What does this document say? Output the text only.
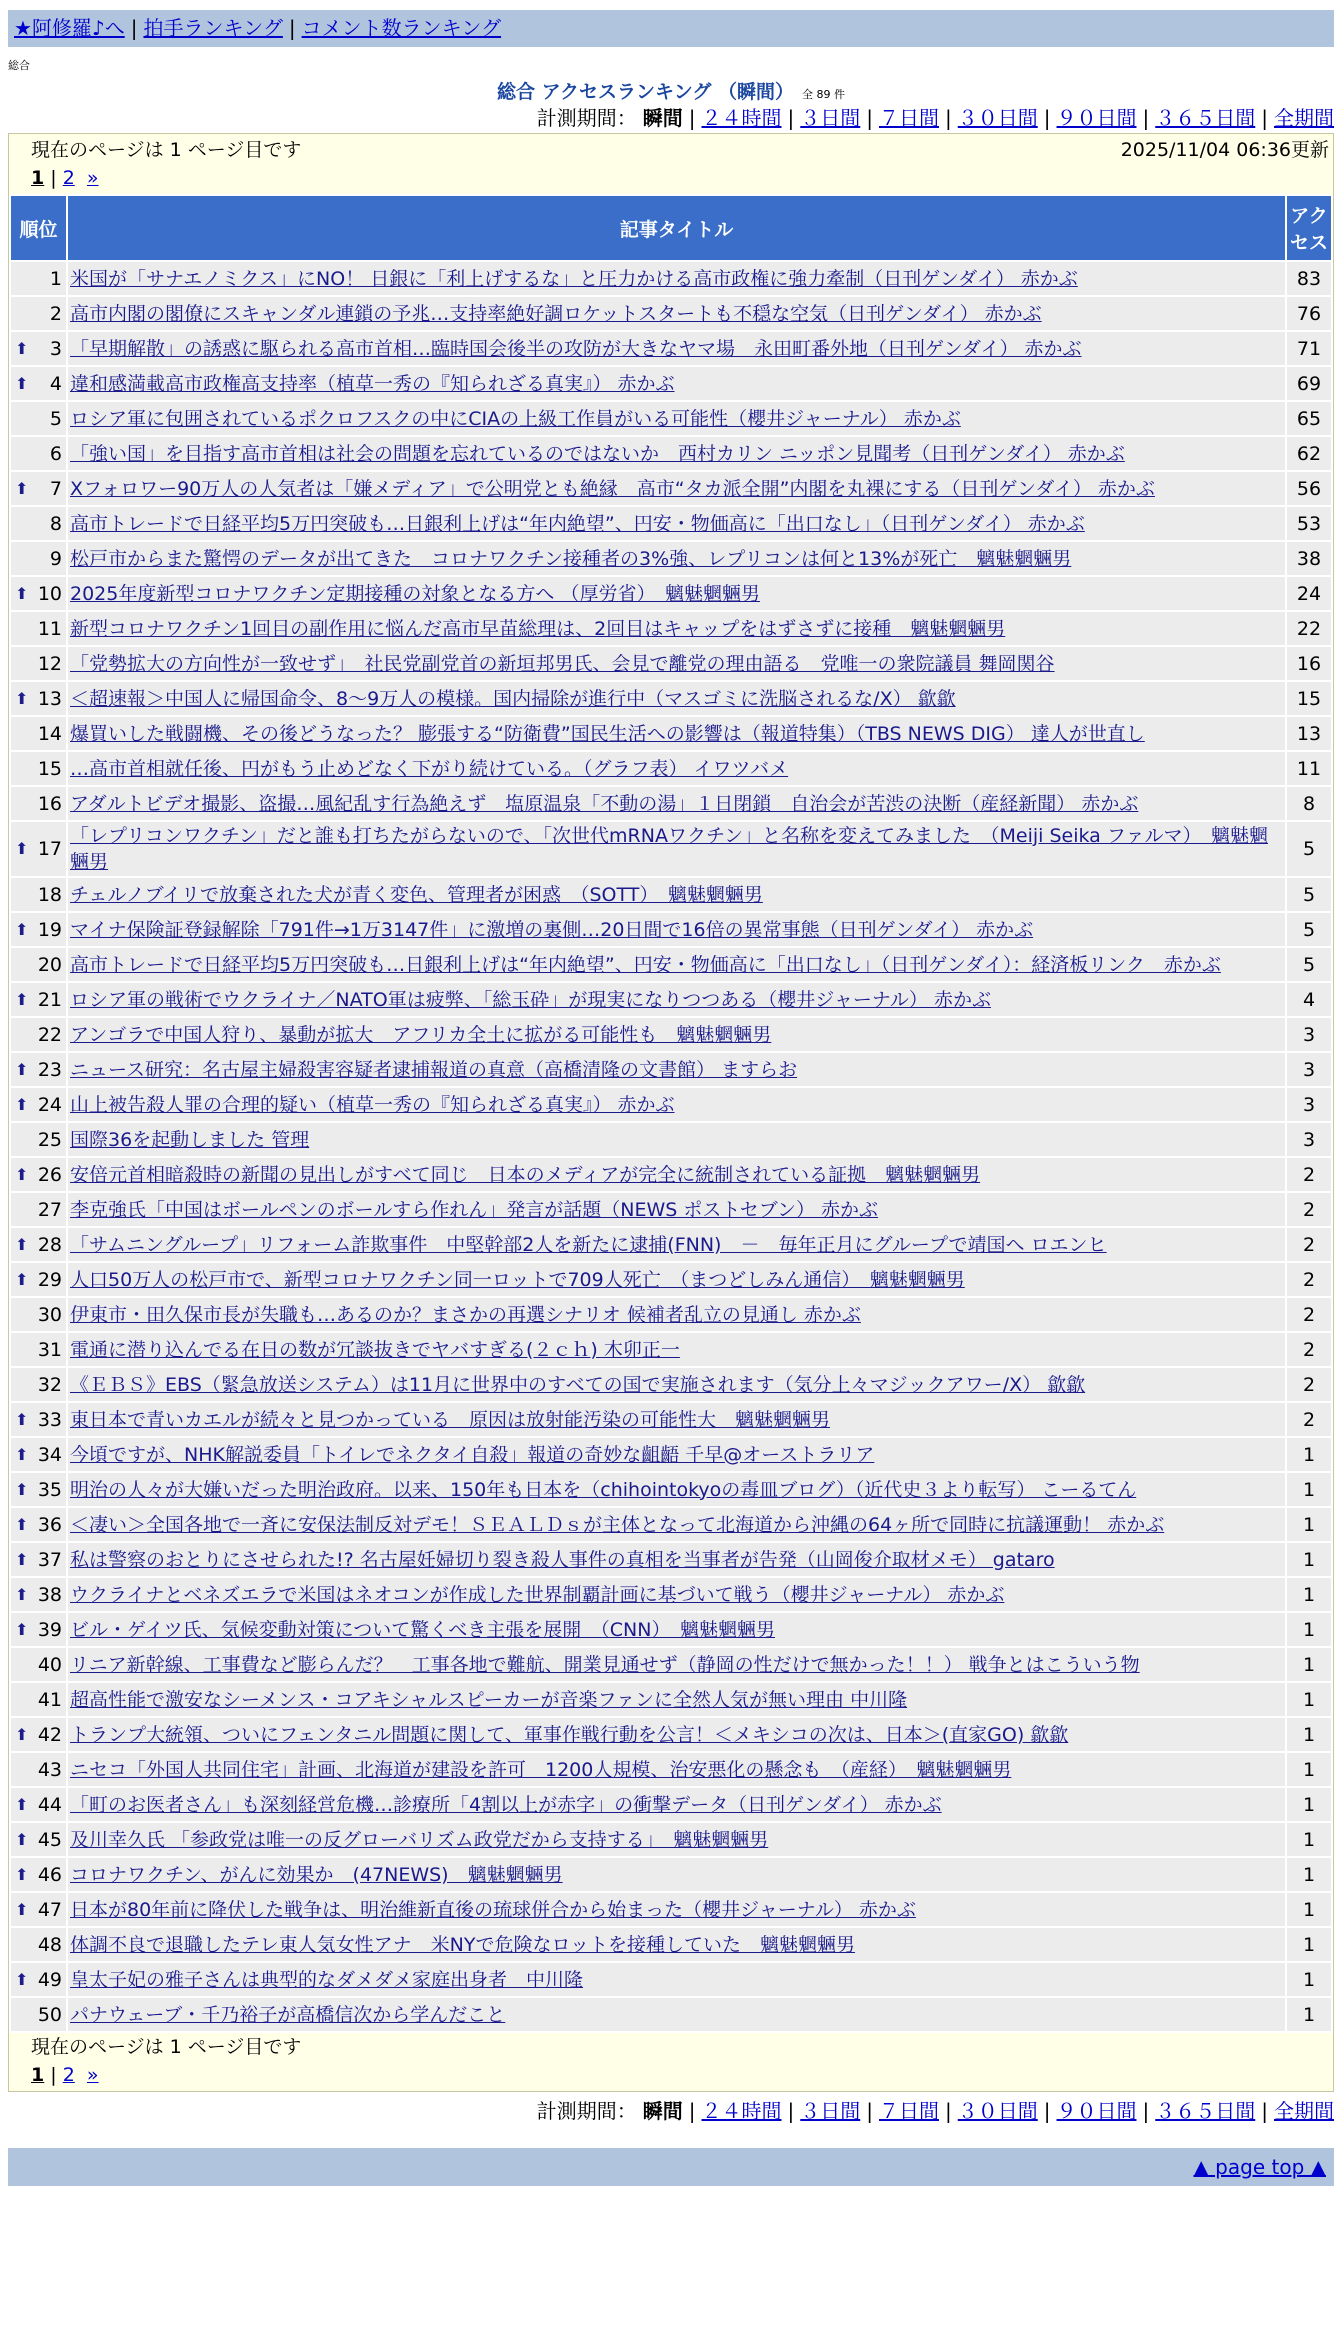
★阿修羅♪へ | 拍手ランキング | コメント数ランキング
総合
総合 アクセスランキング （瞬間） 全 89 件
計測期間： 瞬間 | ２４時間 | ３日間 | ７日間 | ３０日間 | ９０日間 | ３６５日間 | 全期間
現在のページは 1 ページ目です	2025/11/04 06:36更新
1 | 2 »
順位	記事タイトル	アクセス
1	米国が「サナエノミクス」にNO！ 日銀に「利上げするな」と圧力かける高市政権に強力牽制（日刊ゲンダイ） 赤かぶ	83
2	高市内閣の閣僚にスキャンダル連鎖の予兆…支持率絶好調ロケットスタートも不穏な空気（日刊ゲンダイ） 赤かぶ	76

⬆ 3	「早期解散」の誘惑に駆られる高市首相…臨時国会後半の攻防が大きなヤマ場　永田町番外地（日刊ゲンダイ） 赤かぶ	71

⬆ 4	違和感満載高市政権高支持率（植草一秀の『知られざる真実』） 赤かぶ	69
5	ロシア軍に包囲されているポクロフスクの中にCIAの上級工作員がいる可能性（櫻井ジャーナル） 赤かぶ	65
6	「強い国」を目指す高市首相は社会の問題を忘れているのではないか　西村カリン ニッポン見聞考（日刊ゲンダイ） 赤かぶ	62

⬆ 7	Xフォロワー90万人の人気者は「嫌メディア」で公明党とも絶縁　高市“タカ派全開”内閣を丸裸にする（日刊ゲンダイ） 赤かぶ	56
8	高市トレードで日経平均5万円突破も…日銀利上げは“年内絶望”、円安・物価高に「出口なし」（日刊ゲンダイ） 赤かぶ	53
9	松戸市からまた驚愕のデータが出てきた　コロナワクチン接種者の3%強、レプリコンは何と13%が死亡　魑魅魍魎男	38

⬆ 10	2025年度新型コロナワクチン定期接種の対象となる方へ （厚労省）　魑魅魍魎男	24
11	新型コロナワクチン1回目の副作用に悩んだ高市早苗総理は、2回目はキャップをはずさずに接種　魑魅魍魎男	22
12	「党勢拡大の方向性が一致せず」　社民党副党首の新垣邦男氏、会見で離党の理由語る　党唯一の衆院議員 舞岡関谷	16

⬆ 13	＜超速報＞中国人に帰国命令、8～9万人の模様。国内掃除が進行中（マスゴミに洗脳されるな/X） 歙歙	15
14	爆買いした戦闘機、その後どうなった？ 膨張する“防衛費”国民生活への影響は（報道特集）（TBS NEWS DIG） 達人が世直し	13
15	…高市首相就任後、円がもう止めどなく下がり続けている。（グラフ表） イワツバメ	11
16	アダルトビデオ撮影、盗撮…風紀乱す行為絶えず　塩原温泉「不動の湯」１日閉鎖　自治会が苦渋の決断（産経新聞） 赤かぶ	8

⬆ 17	「レプリコンワクチン」だと誰も打ちたがらないので、「次世代mRNAワクチン」と名称を変えてみました　（Meiji Seika ファルマ）　魑魅魍魎男	5
18	チェルノブイリで放棄された犬が青く変色、管理者が困惑　（SOTT）　魑魅魍魎男	5

⬆ 19	マイナ保険証登録解除「791件→1万3147件」に激増の裏側…20日間で16倍の異常事態（日刊ゲンダイ） 赤かぶ	5
20	高市トレードで日経平均5万円突破も…日銀利上げは“年内絶望”、円安・物価高に「出口なし」（日刊ゲンダイ）：経済板リンク　赤かぶ	5

⬆ 21	ロシア軍の戦術でウクライナ／NATO軍は疲弊、「総玉砕」が現実になりつつある（櫻井ジャーナル） 赤かぶ	4
22	アンゴラで中国人狩り、暴動が拡大　アフリカ全土に拡がる可能性も　魑魅魍魎男	3

⬆ 23	ニュース研究：名古屋主婦殺害容疑者逮捕報道の真意（高橋清隆の文書館） ますらお	3

⬆ 24	山上被告殺人罪の合理的疑い（植草一秀の『知られざる真実』） 赤かぶ	3
25	国際36を起動しました 管理	3

⬆ 26	安倍元首相暗殺時の新聞の見出しがすべて同じ　日本のメディアが完全に統制されている証拠　魑魅魍魎男	2
27	李克強氏「中国はボールペンのボールすら作れん」発言が話題（NEWS ポストセブン） 赤かぶ	2

⬆ 28	「サムニングループ」リフォーム詐欺事件　中堅幹部2人を新たに逮捕(FNN)　－　毎年正月にグループで靖国へ ロエンヒ	2

⬆ 29	人口50万人の松戸市で、新型コロナワクチン同一ロットで709人死亡　（まつどしみん通信）　魑魅魍魎男	2
30	伊東市・田久保市長が失職も…あるのか？まさかの再選シナリオ 候補者乱立の見通し 赤かぶ	2
31	電通に潜り込んでる在日の数が冗談抜きでヤバすぎる(２ｃｈ) 木卯正一	2
32	《ＥＢＳ》EBS（緊急放送システム）は11月に世界中のすべての国で実施されます（気分上々マジックアワー/X） 歙歙	2

⬆ 33	東日本で青いカエルが続々と見つかっている　原因は放射能汚染の可能性大　魑魅魍魎男	2

⬆ 34	今頃ですが、NHK解説委員「トイレでネクタイ自殺」報道の奇妙な齟齬 千早@オーストラリア	1

⬆ 35	明治の人々が大嫌いだった明治政府。以来、150年も日本を（chihointokyoの毒皿ブログ）（近代史３より転写） こーるてん	1

⬆ 36	＜凄い＞全国各地で一斉に安保法制反対デモ！ＳＥＡＬＤｓが主体となって北海道から沖縄の64ヶ所で同時に抗議運動！ 赤かぶ	1

⬆ 37	私は警察のおとりにさせられた!? 名古屋妊婦切り裂き殺人事件の真相を当事者が告発（山岡俊介取材メモ） gataro	1

⬆ 38	ウクライナとベネズエラで米国はネオコンが作成した世界制覇計画に基づいて戦う（櫻井ジャーナル） 赤かぶ	1

⬆ 39	ビル・ゲイツ氏、気候変動対策について驚くべき主張を展開　（CNN）　魑魅魍魎男	1
40	リニア新幹線、工事費など膨らんだ？　工事各地で難航、開業見通せず（静岡の性だけで無かった！！） 戦争とはこういう物	1
41	超高性能で激安なシーメンス・コアキシャルスピーカーが音楽ファンに全然人気が無い理由 中川隆	1

⬆ 42	トランプ大統領、ついにフェンタニル問題に関して、軍事作戦行動を公言！＜メキシコの次は、日本＞(直家GO) 歙歙	1
43	ニセコ「外国人共同住宅」計画、北海道が建設を許可　1200人規模、治安悪化の懸念も　（産経）　魑魅魍魎男	1

⬆ 44	「町のお医者さん」も深刻経営危機…診療所「4割以上が赤字」の衝撃データ（日刊ゲンダイ） 赤かぶ	1

⬆ 45	及川幸久氏 「参政党は唯一の反グローバリズム政党だから支持する」　魑魅魍魎男	1

⬆ 46	コロナワクチン、がんに効果か　(47NEWS)　魑魅魍魎男	1

⬆ 47	日本が80年前に降伏した戦争は、明治維新直後の琉球併合から始まった（櫻井ジャーナル） 赤かぶ	1
48	体調不良で退職したテレ東人気女性アナ　米NYで危険なロットを接種していた　魑魅魍魎男	1

⬆ 49	皇太子妃の雅子さんは典型的なダメダメ家庭出身者　中川隆	1
50	パナウェーブ・千乃裕子が高橋信次から学んだこと	1
現在のページは 1 ページ目です
1 | 2 »
計測期間： 瞬間 | ２４時間 | ３日間 | ７日間 | ３０日間 | ９０日間 | ３６５日間 | 全期間
▲ page top ▲
